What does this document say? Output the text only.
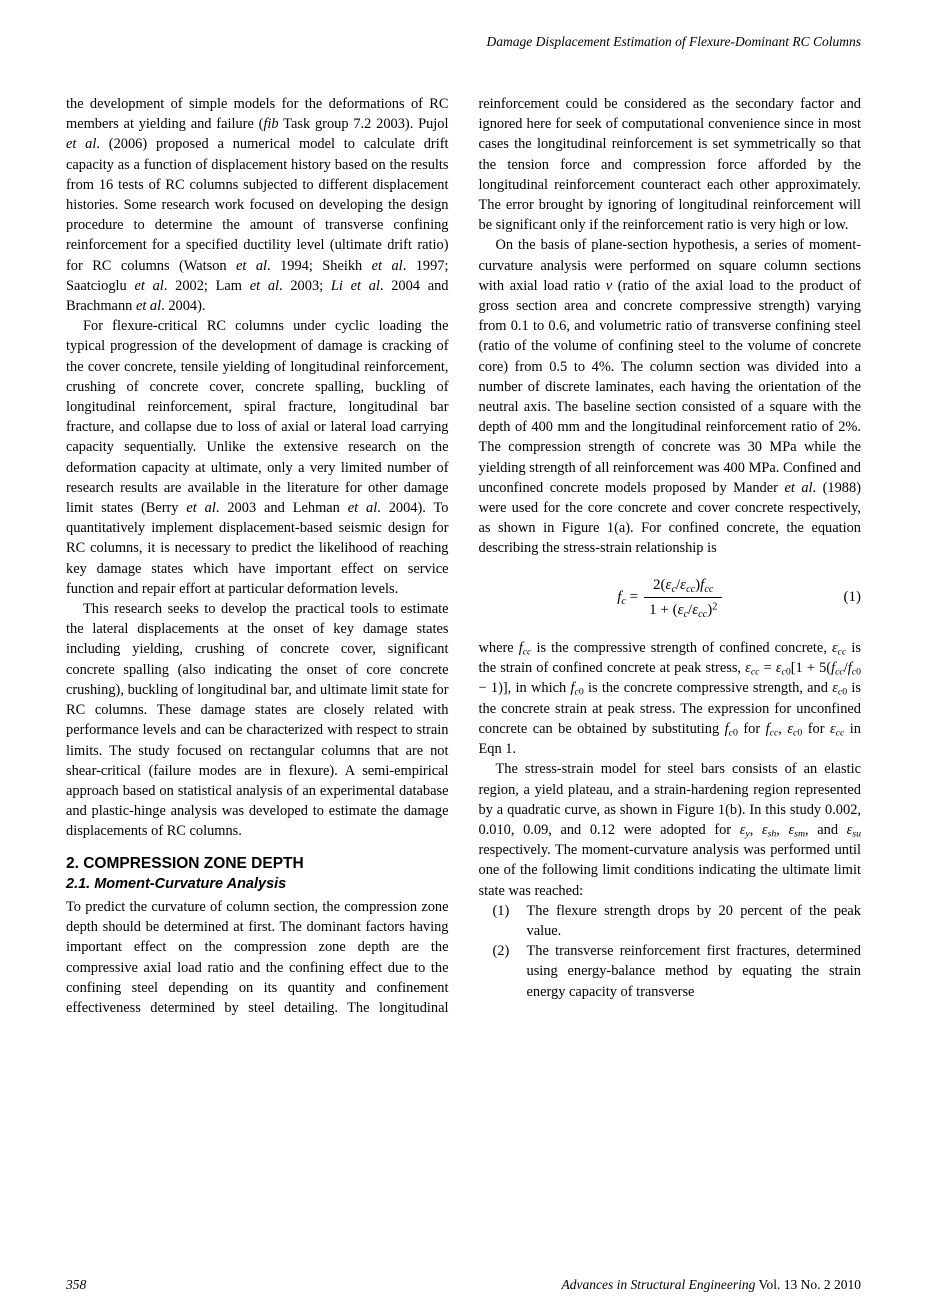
Damage Displacement Estimation of Flexure-Dominant RC Columns

the development of simple models for the deformations of RC members at yielding and failure (fib Task group 7.2 2003). Pujol et al. (2006) proposed a numerical model to calculate drift capacity as a function of displacement history based on the results from 16 tests of RC columns subjected to different displacement histories. Some research work focused on developing the design procedure to determine the amount of transverse confining reinforcement for a specified ductility level (ultimate drift ratio) for RC columns (Watson et al. 1994; Sheikh et al. 1997; Saatcioglu et al. 2002; Lam et al. 2003; Li et al. 2004 and Brachmann et al. 2004).

For flexure-critical RC columns under cyclic loading the typical progression of the development of damage is cracking of the cover concrete, tensile yielding of longitudinal reinforcement, crushing of concrete cover, concrete spalling, buckling of longitudinal reinforcement, spiral fracture, longitudinal bar fracture, and collapse due to loss of axial or lateral load carrying capacity sequentially. Unlike the extensive research on the deformation capacity at ultimate, only a very limited number of research results are available in the literature for other damage limit states (Berry et al. 2003 and Lehman et al. 2004). To quantitatively implement displacement-based seismic design for RC columns, it is necessary to predict the likelihood of reaching key damage states which have important effect on service function and repair effort at particular deformation levels.

This research seeks to develop the practical tools to estimate the lateral displacements at the onset of key damage states including yielding, crushing of concrete cover, significant concrete spalling (also indicating the onset of core concrete crushing), buckling of longitudinal bar, and ultimate limit state for RC columns. These damage states are closely related with performance levels and can be characterized with respect to strain limits. The study focused on rectangular columns that are not shear-critical (failure modes are in flexure). A semi-empirical approach based on statistical analysis of an experimental database and plastic-hinge analysis was developed to estimate the damage displacements of RC columns.

2. COMPRESSION ZONE DEPTH
2.1. Moment-Curvature Analysis

To predict the curvature of column section, the compression zone depth should be determined at first. The dominant factors having important effect on the compression zone depth are the compressive axial load ratio and the confining effect due to the confining steel depending on its quantity and confinement effectiveness determined by steel detailing. The longitudinal

reinforcement could be considered as the secondary factor and ignored here for seek of computational convenience since in most cases the longitudinal reinforcement is set symmetrically so that the tension force and compression force afforded by the longitudinal reinforcement counteract each other approximately. The error brought by ignoring of longitudinal reinforcement will be significant only if the reinforcement ratio is very high or low.

On the basis of plane-section hypothesis, a series of moment-curvature analysis were performed on square column sections with axial load ratio ν (ratio of the axial load to the product of gross section area and concrete compressive strength) varying from 0.1 to 0.6, and volumetric ratio of transverse confining steel (ratio of the volume of confining steel to the volume of concrete core) from 0.5 to 4%. The column section was divided into a number of discrete laminates, each having the orientation of the neutral axis. The baseline section consisted of a square with the depth of 400 mm and the longitudinal reinforcement ratio of 2%. The compression strength of concrete was 30 MPa while the yielding strength of all reinforcement was 400 MPa. Confined and unconfined concrete models proposed by Mander et al. (1988) were used for the core concrete and cover concrete respectively, as shown in Figure 1(a). For confined concrete, the equation describing the stress-strain relationship is

$f_c = \frac{2(\varepsilon_c/\varepsilon_{cc})f_{cc}}{1 + (\varepsilon_c/\varepsilon_{cc})^2}$	(1)

where $f_{cc}$ is the compressive strength of confined concrete, $\varepsilon_{cc}$ is the strain of confined concrete at peak stress, $\varepsilon_{cc} = \varepsilon_{c0}[1 + 5(f_{cc}/f_{c0} - 1)]$, in which $f_{c0}$ is the concrete compressive strength, and $\varepsilon_{c0}$ is the concrete strain at peak stress. The expression for unconfined concrete can be obtained by substituting $f_{c0}$ for $f_{cc}$, $\varepsilon_{c0}$ for $\varepsilon_{cc}$ in Eqn 1.

The stress-strain model for steel bars consists of an elastic region, a yield plateau, and a strain-hardening region represented by a quadratic curve, as shown in Figure 1(b). In this study 0.002, 0.010, 0.09, and 0.12 were adopted for $\varepsilon_y$, $\varepsilon_{sh}$, $\varepsilon_{sm}$, and $\varepsilon_{su}$ respectively. The moment-curvature analysis was performed until one of the following limit conditions indicating the ultimate limit state was reached:

(1)	The flexure strength drops by 20 percent of the peak value.
(2)	The transverse reinforcement first fractures, determined using energy-balance method by equating the strain energy capacity of transverse
358	Advances in Structural Engineering Vol. 13 No. 2 2010
